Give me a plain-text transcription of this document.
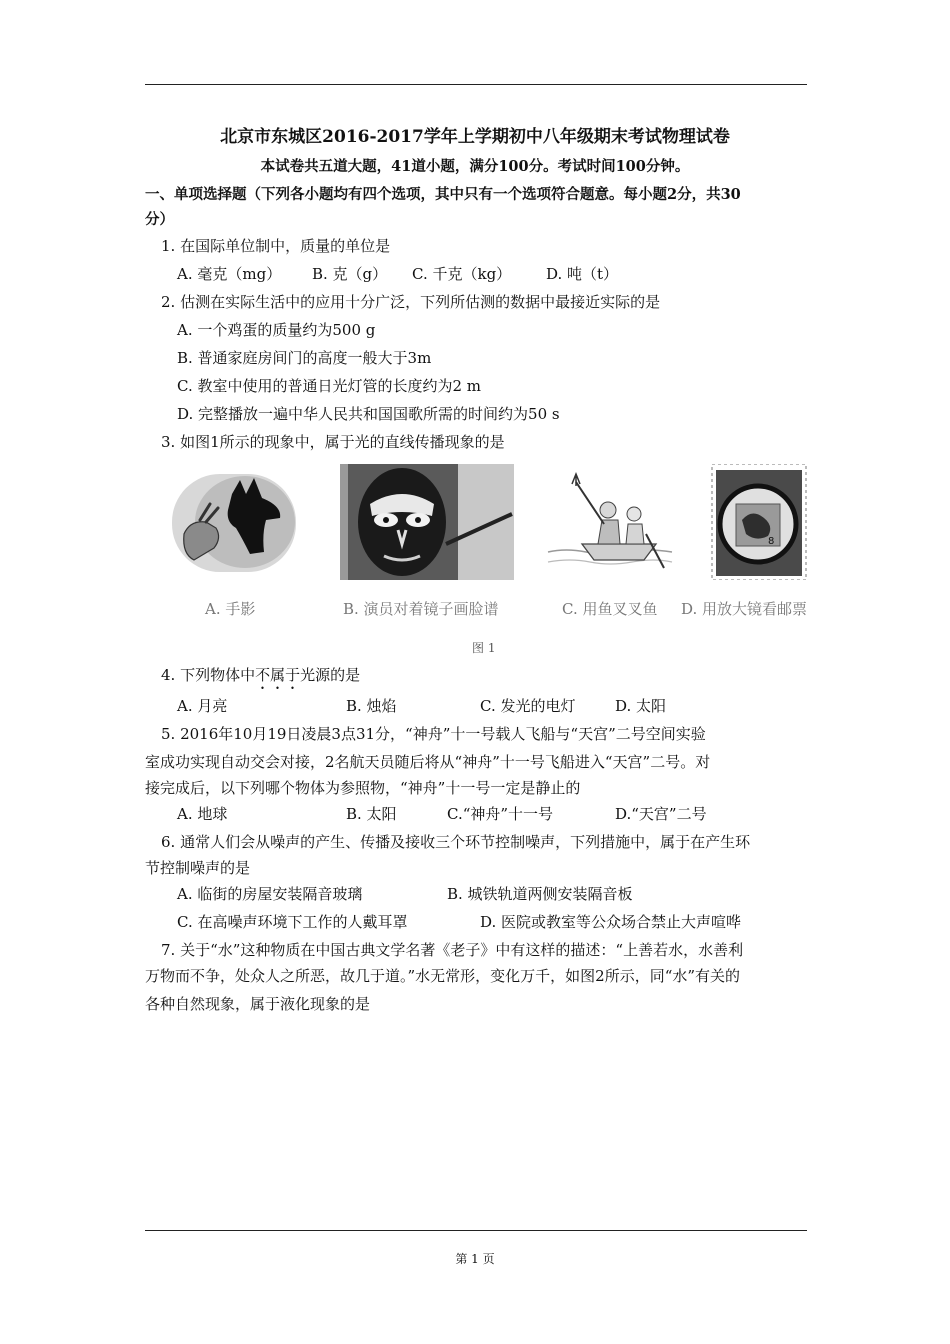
北京市东城区2016-2017学年上学期初中八年级期末考试物理试卷
本试卷共五道大题，41道小题，满分100分。考试时间100分钟。
一、单项选择题（下列各小题均有四个选项，其中只有一个选项符合题意。每小题2分，共30
分）
1. 在国际单位制中，质量的单位是
A. 毫克（mg） B. 克（g） C. 千克（kg） D. 吨（t）
2. 估测在实际生活中的应用十分广泛，下列所估测的数据中最接近实际的是
A. 一个鸡蛋的质量约为500 g
B. 普通家庭房间门的高度一般大于3m
C. 教室中使用的普通日光灯管的长度约为2 m
D. 完整播放一遍中华人民共和国国歌所需的时间约为50 s
3. 如图1所示的现象中，属于光的直线传播现象的是
8
A. 手影	B. 演员对着镜子画脸谱	C. 用鱼叉叉鱼 D. 用放大镜看邮票
图 1
4. 下列物体中不属于光源的是
A. 月亮	B. 烛焰	C. 发光的电灯	D. 太阳
5. 2016年10月19日凌晨3点31分，“神舟”十一号载人飞船与“天宫”二号空间实验
室成功实现自动交会对接，2名航天员随后将从“神舟”十一号飞船进入“天宫”二号。对
接完成后，以下列哪个物体为参照物，“神舟”十一号一定是静止的
A. 地球	B. 太阳	C.“神舟”十一号	D.“天宫”二号
6. 通常人们会从噪声的产生、传播及接收三个环节控制噪声，下列措施中，属于在产生环
节控制噪声的是
A. 临街的房屋安装隔音玻璃	B. 城铁轨道两侧安装隔音板
C. 在高噪声环境下工作的人戴耳罩	D. 医院或教室等公众场合禁止大声喧哗
7. 关于“水”这种物质在中国古典文学名著《老子》中有这样的描述：“上善若水，水善利
万物而不争，处众人之所恶，故几于道。”水无常形，变化万千，如图2所示，同“水”有关的
各种自然现象，属于液化现象的是
第 1 页
